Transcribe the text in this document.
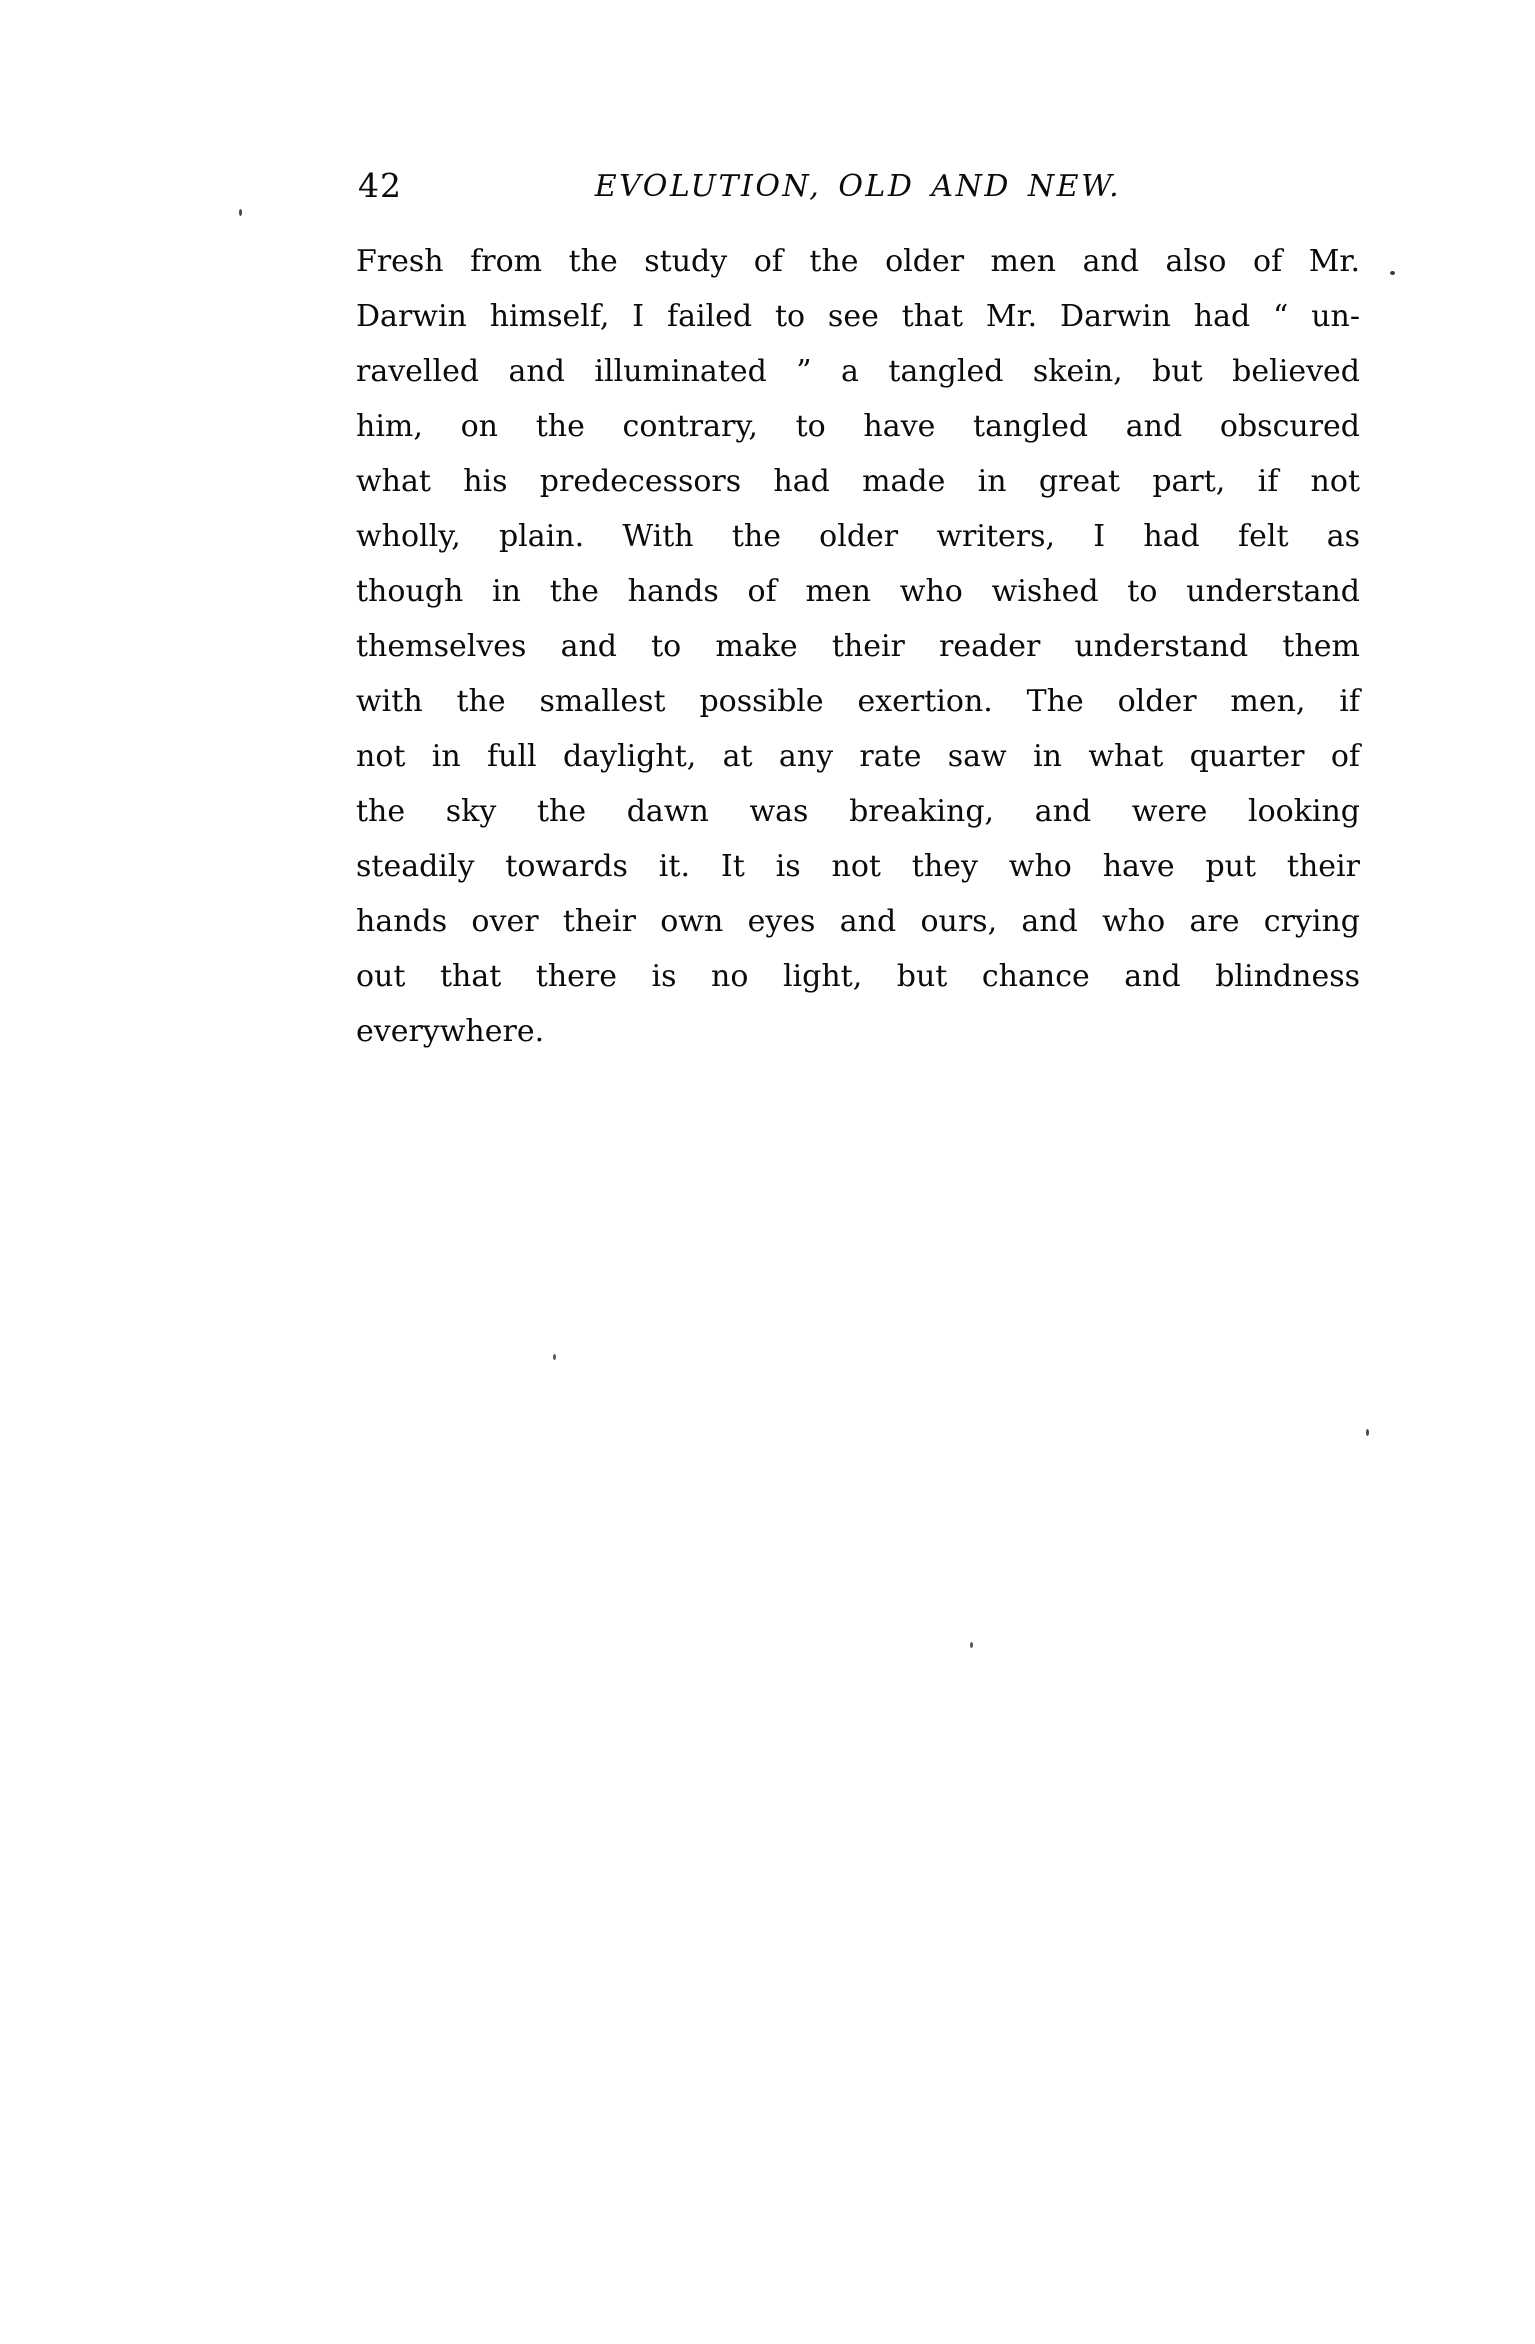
42	EVOLUTION, OLD AND NEW.
Fresh from the study of the older men and also of Mr.
Darwin himself, I failed to see that Mr. Darwin had “ un-
ravelled and illuminated ” a tangled skein, but believed
him, on the contrary, to have tangled and obscured
what his predecessors had made in great part, if not
wholly, plain. With the older writers, I had felt as
though in the hands of men who wished to understand
themselves and to make their reader understand them
with the smallest possible exertion. The older men, if
not in full daylight, at any rate saw in what quarter of
the sky the dawn was breaking, and were looking
steadily towards it. It is not they who have put their
hands over their own eyes and ours, and who are crying
out that there is no light, but chance and blindness
everywhere.
